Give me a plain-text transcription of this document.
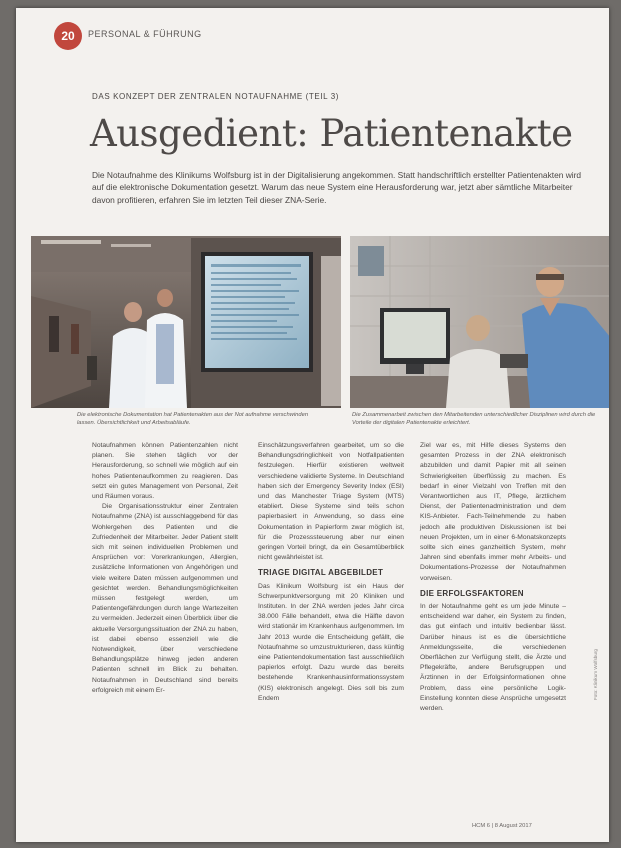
20	PERSONAL & FÜHRUNG
DAS KONZEPT DER ZENTRALEN NOTAUFNAHME (TEIL 3)
Ausgedient: Patientenakte
Die Notaufnahme des Klinikums Wolfsburg ist in der Digitalisierung angekommen. Statt handschriftlich erstellter Patientenakten wird auf die elektronische Dokumentation gesetzt. Warum das neue System eine Herausforderung war, jetzt aber sämtliche Mitarbeiter davon profitieren, erfahren Sie im letzten Teil dieser ZNA-Serie.
Die elektronische Dokumentation hat Patientenakten aus der Not aufnahme verschwinden lassen. Übersichtlichkeit und Arbeitsabläufe.
Die Zusammenarbeit zwischen den Mitarbeitenden unterschiedlicher Disziplinen wird durch die Vorteile der digitalen Patientenakte erleichtert.

Notaufnahmen können Patientenzahlen nicht planen. Sie stehen täglich vor der Herausforderung, so schnell wie möglich auf ein hohes Patientenaufkommen zu reagieren. Das setzt ein gutes Management von Personal, Zeit und Räumen voraus.

Die Organisationsstruktur einer Zentralen Notaufnahme (ZNA) ist ausschlaggebend für das Wohlergehen des Patienten und die Zufriedenheit der Mitarbeiter. Jeder Patient stellt sich mit seinen individuellen Problemen und Ansprüchen vor: Vorerkrankungen, Allergien, zusätzliche Informationen von Angehörigen und viele weitere Daten müssen aufgenommen und gesichtet werden. Behandlungsmöglichkeiten müssen festgelegt werden, um Patientengefährdungen durch lange Wartezeiten zu vermeiden. Jederzeit einen Überblick über die aktuelle Versorgungssituation der ZNA zu haben, ist dabei ebenso essenziell wie die Notwendigkeit, über verschiedene Behandlungsplätze hinweg jeden anderen Patienten schnell im Blick zu behalten. Notaufnahmen in Deutschland sind bereits erfolgreich mit einem Er-

Einschätzungsverfahren gearbeitet, um so die Behandlungsdringlichkeit von Notfallpatienten festzulegen. Hierfür existieren weltweit verschiedene validierte Systeme. In Deutschland haben sich der Emergency Severity Index (ESI) und das Manchester Triage System (MTS) etabliert. Diese Systeme sind teils schon papierbasiert in Anwendung, so dass eine Dokumentation in Papierform zwar möglich ist, für die Prozesssteuerung aber nur einen geringen Vorteil bringt, da ein Gesamtüberblick nicht gewährleistet ist.

TRIAGE DIGITAL ABGEBILDET

Das Klinikum Wolfsburg ist ein Haus der Schwerpunktversorgung mit 20 Kliniken und Instituten. In der ZNA werden jedes Jahr circa 38.000 Fälle behandelt, etwa die Hälfte davon wird stationär im Krankenhaus aufgenommen. Im Jahr 2013 wurde die Entscheidung gefällt, die Notaufnahme so umzustrukturieren, dass künftig eine Patientendokumentation fast ausschließlich papierlos erfolgt. Dazu wurde das bereits bestehende Krankenhausinformationssystem (KIS) elektronisch angelegt. Dies soll bis zum Endem

Ziel war es, mit Hilfe dieses Systems den gesamten Prozess in der ZNA elektronisch abzubilden und damit Papier mit all seinen Schwierigkeiten überflüssig zu machen. Es bedarf in einer Vielzahl von Treffen mit den Verantwortlichen aus IT, Pflege, ärztlichem Dienst, der Patientenadministration und dem KIS-Anbieter. Fach-Teilnehmende zu haben jedoch alle produktiven Diskussionen ist bei neuen Projekten, um in einer 6-Monatskonzepts sollte sich eines ganzheitlich System, mehr Jahren sind ebenfalls immer mehr Arbeits- und Dokumentations-Prozesse der Notaufnahmen vorweisen.

DIE ERFOLGSFAKTOREN

In der Notaufnahme geht es um jede Minute – entscheidend war daher, ein System zu finden, das gut einfach und intuitiv bedienbar lässt. Darüber hinaus ist es die übersichtliche Anmeldungsseite, die verschiedenen Oberflächen zur Verfügung stellt, die Ärzte und Pflegekräfte, andere Berufsgruppen und Ärztinnen in der Erfolgsinformationen ohne Problem, dass eine persönliche Logik-Einstellung konnten diese Ansprüche umgesetzt werden.

Foto: Klinikum Wolfsburg
HCM 6 | 8 August 2017
